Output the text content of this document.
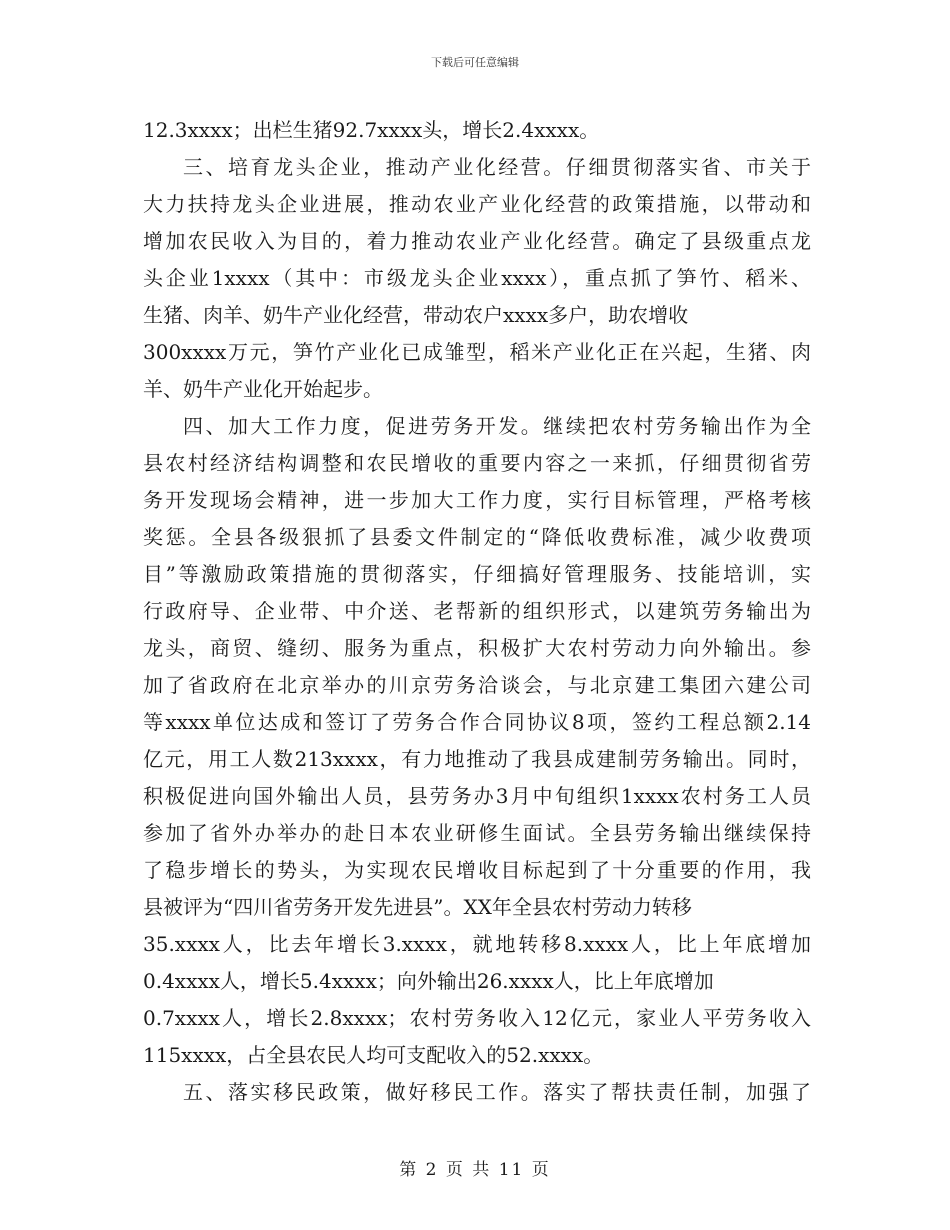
下载后可任意编辑
12.3xxxx；出栏生猪92.7xxxx头，增长2.4xxxx。
三、培育龙头企业，推动产业化经营。仔细贯彻落实省、市关于
大力扶持龙头企业进展，推动农业产业化经营的政策措施，以带动和
增加农民收入为目的，着力推动农业产业化经营。确定了县级重点龙
头企业1xxxx（其中：市级龙头企业xxxx），重点抓了笋竹、稻米、
生猪、肉羊、奶牛产业化经营，带动农户xxxx多户，助农增收
300xxxx万元，笋竹产业化已成雏型，稻米产业化正在兴起，生猪、肉
羊、奶牛产业化开始起步。
四、加大工作力度，促进劳务开发。继续把农村劳务输出作为全
县农村经济结构调整和农民增收的重要内容之一来抓，仔细贯彻省劳
务开发现场会精神，进一步加大工作力度，实行目标管理，严格考核
奖惩。全县各级狠抓了县委文件制定的“降低收费标准，减少收费项
目”等激励政策措施的贯彻落实，仔细搞好管理服务、技能培训，实
行政府导、企业带、中介送、老帮新的组织形式，以建筑劳务输出为
龙头，商贸、缝纫、服务为重点，积极扩大农村劳动力向外输出。参
加了省政府在北京举办的川京劳务洽谈会，与北京建工集团六建公司
等xxxx单位达成和签订了劳务合作合同协议8项，签约工程总额2.14
亿元，用工人数213xxxx，有力地推动了我县成建制劳务输出。同时，
积极促进向国外输出人员，县劳务办3月中旬组织1xxxx农村务工人员
参加了省外办举办的赴日本农业研修生面试。全县劳务输出继续保持
了稳步增长的势头，为实现农民增收目标起到了十分重要的作用，我
县被评为“四川省劳务开发先进县”。XX年全县农村劳动力转移
35.xxxx人，比去年增长3.xxxx，就地转移8.xxxx人，比上年底增加
0.4xxxx人，增长5.4xxxx；向外输出26.xxxx人，比上年底增加
0.7xxxx人，增长2.8xxxx；农村劳务收入12亿元，家业人平劳务收入
115xxxx，占全县农民人均可支配收入的52.xxxx。
五、落实移民政策，做好移民工作。落实了帮扶责任制，加强了
第 2 页 共 11 页
